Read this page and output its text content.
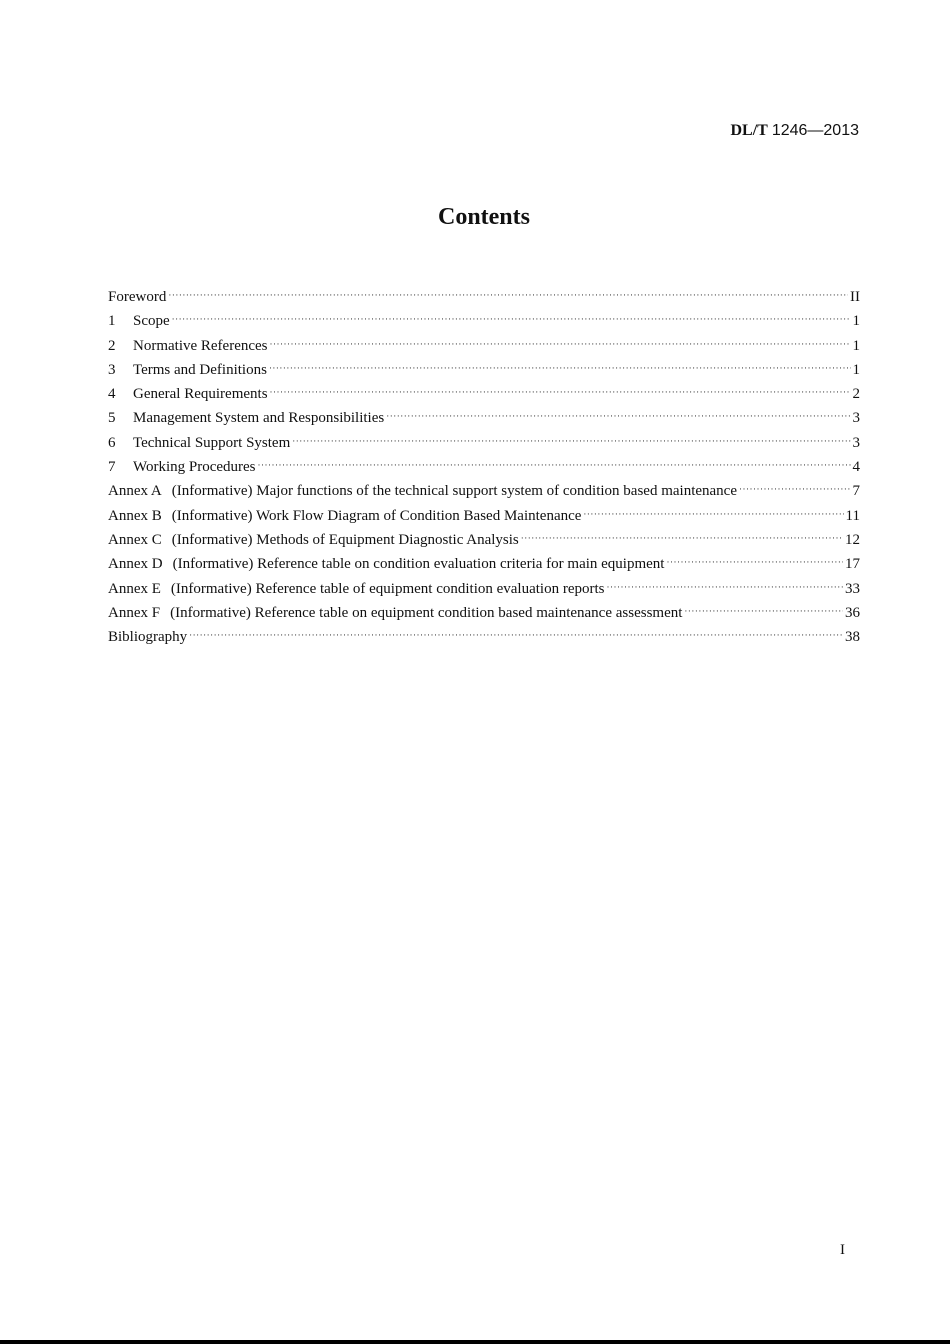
DL/T 1246—2013
Contents
Foreword ·····	II
1	Scope ·····	1
2	Normative References ·····	1
3	Terms and Definitions ·····	1
4	General Requirements ·····	2
5	Management System and Responsibilities ·····	3
6	Technical Support System ·····	3
7	Working Procedures ·····	4
Annex A (Informative) Major functions of the technical support system of condition based maintenance ·····	7
Annex B (Informative) Work Flow Diagram of Condition Based Maintenance ·····	11
Annex C (Informative) Methods of Equipment Diagnostic Analysis ·····	12
Annex D (Informative) Reference table on condition evaluation criteria for main equipment ·····	17
Annex E (Informative) Reference table of equipment condition evaluation reports ·····	33
Annex F (Informative) Reference table on equipment condition based maintenance assessment ·····	36
Bibliography ·····	38
I
